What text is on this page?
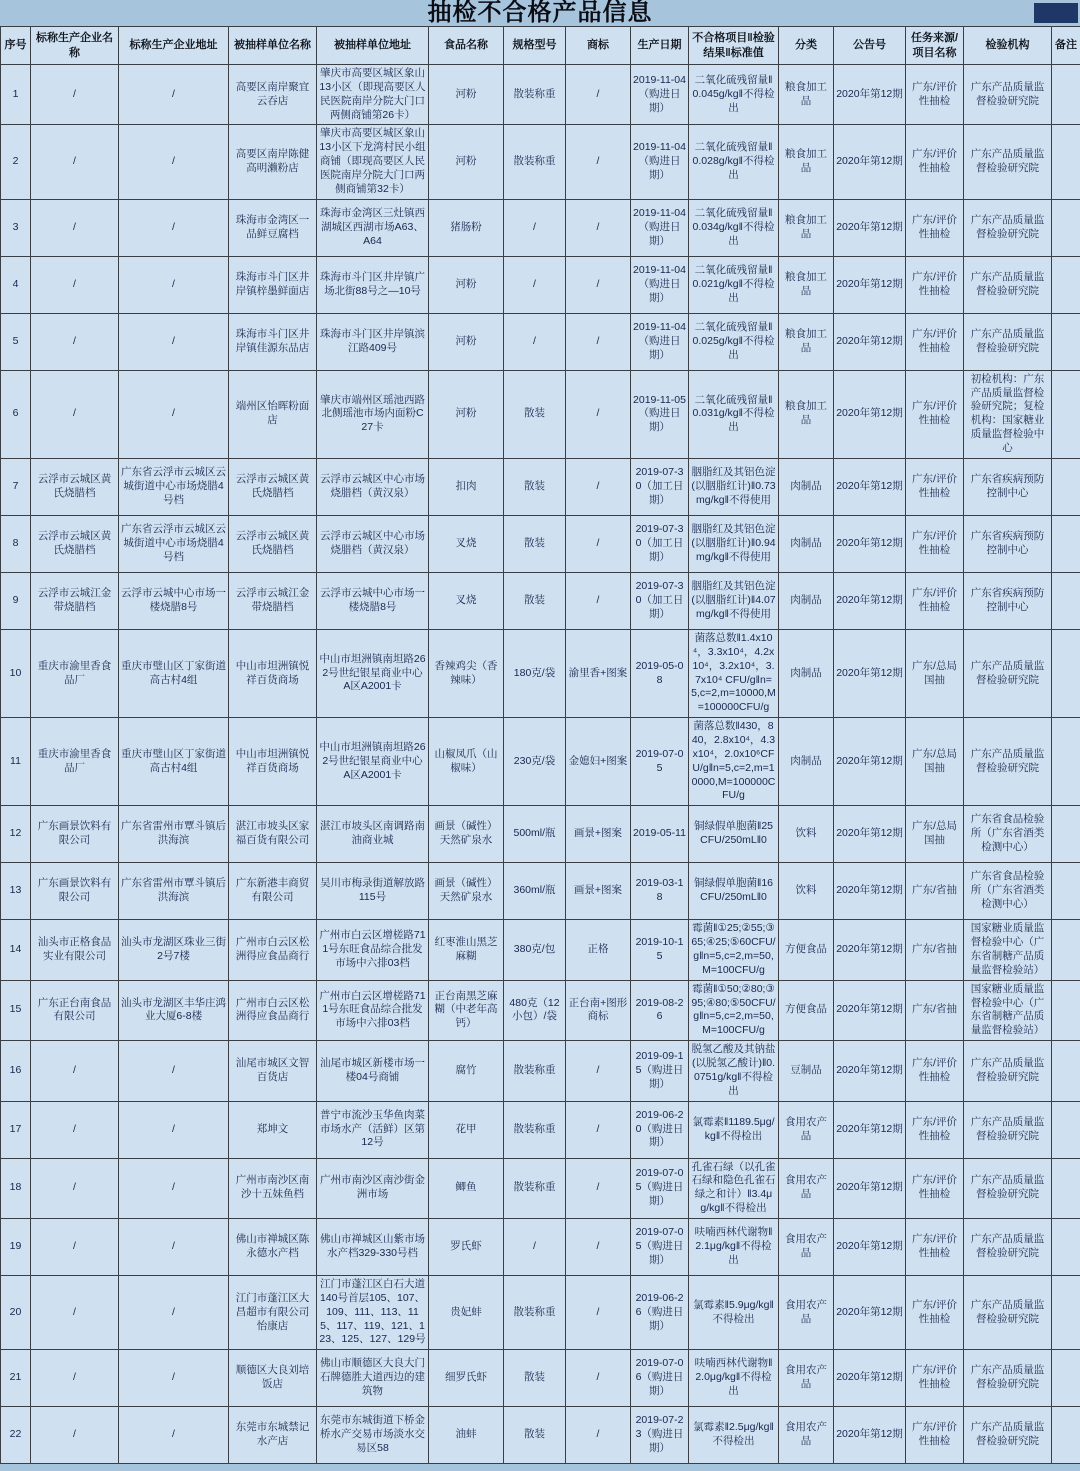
抽检不合格产品信息
序号	标称生产企业名称	标称生产企业地址	被抽样单位名称	被抽样单位地址	食品名称	规格型号	商标	生产日期	不合格项目‖检验结果‖标准值	分类	公告号	任务来源/项目名称	检验机构	备注
1	/	/	高要区南岸聚宜云吞店	肇庆市高要区城区象山13小区（即现高要区人民医院南岸分院大门口两侧商铺第26卡）	河粉	散装称重	/	2019-11-04（购进日期）	二氧化硫残留量‖0.045g/kg‖不得检出	粮食加工品	2020年第12期	广东/评价性抽检	广东产品质量监督检验研究院	
2	/	/	高要区南岸陈健高明濑粉店	肇庆市高要区城区象山13小区下龙湾村民小组商铺（即现高要区人民医院南岸分院大门口两侧商铺第32卡）	河粉	散装称重	/	2019-11-04（购进日期）	二氧化硫残留量‖0.028g/kg‖不得检出	粮食加工品	2020年第12期	广东/评价性抽检	广东产品质量监督检验研究院	
3	/	/	珠海市金湾区一品鲜豆腐档	珠海市金湾区三灶镇西湖城区西湖市场A63、A64	猪肠粉	/	/	2019-11-04（购进日期）	二氧化硫残留量‖0.034g/kg‖不得检出	粮食加工品	2020年第12期	广东/评价性抽检	广东产品质量监督检验研究院	
4	/	/	珠海市斗门区井岸镇梓墨鲜面店	珠海市斗门区井岸镇广场北街88号之—10号	河粉	/	/	2019-11-04（购进日期）	二氧化硫残留量‖0.021g/kg‖不得检出	粮食加工品	2020年第12期	广东/评价性抽检	广东产品质量监督检验研究院	
5	/	/	珠海市斗门区井岸镇佳源东品店	珠海市斗门区井岸镇滨江路409号	河粉	/	/	2019-11-04（购进日期）	二氧化硫残留量‖0.025g/kg‖不得检出	粮食加工品	2020年第12期	广东/评价性抽检	广东产品质量监督检验研究院	
6	/	/	端州区怡晖粉面店	肇庆市端州区瑶池西路北侧瑶池市场内面粉C27卡	河粉	散装	/	2019-11-05（购进日期）	二氧化硫残留量‖0.031g/kg‖不得检出	粮食加工品	2020年第12期	广东/评价性抽检	初检机构：广东产品质量监督检验研究院；复检机构：国家糖业质量监督检验中心	
7	云浮市云城区黄氏烧腊档	广东省云浮市云城区云城街道中心市场烧腊4号档	云浮市云城区黄氏烧腊档	云浮市云城区中心市场烧腊档（黄汉泉）	扣肉	散装	/	2019-07-30（加工日期）	胭脂红及其铝色淀(以胭脂红计)‖0.73mg/kg‖不得使用	肉制品	2020年第12期	广东/评价性抽检	广东省疾病预防控制中心	
8	云浮市云城区黄氏烧腊档	广东省云浮市云城区云城街道中心市场烧腊4号档	云浮市云城区黄氏烧腊档	云浮市云城区中心市场烧腊档（黄汉泉）	叉烧	散装	/	2019-07-30（加工日期）	胭脂红及其铝色淀(以胭脂红计)‖0.94mg/kg‖不得使用	肉制品	2020年第12期	广东/评价性抽检	广东省疾病预防控制中心	
9	云浮市云城江金带烧腊档	云浮市云城中心市场一楼烧腊8号	云浮市云城江金带烧腊档	云浮市云城中心市场一楼烧腊8号	叉烧	散装	/	2019-07-30（加工日期）	胭脂红及其铝色淀(以胭脂红计)‖4.07mg/kg‖不得使用	肉制品	2020年第12期	广东/评价性抽检	广东省疾病预防控制中心	
10	重庆市渝里香食品厂	重庆市璧山区丁家街道高古村4组	中山市坦洲镇悦祥百货商场	中山市坦洲镇南坦路262号世纪银星商业中心A区A2001卡	香辣鸡尖（香辣味）	180克/袋	渝里香+图案	2019-05-08	菌落总数‖1.4x10⁴，3.3x10⁴，4.2x10⁴，3.2x10⁴，3.7x10⁴ CFU/g‖n=5,c=2,m=10000,M=100000CFU/g	肉制品	2020年第12期	广东/总局国抽	广东产品质量监督检验研究院	
11	重庆市渝里香食品厂	重庆市璧山区丁家街道高古村4组	中山市坦洲镇悦祥百货商场	中山市坦洲镇南坦路262号世纪银星商业中心A区A2001卡	山椒凤爪（山椒味）	230克/袋	金媳妇+图案	2019-07-05	菌落总数‖430，840，2.8x10⁴，4.3x10⁴，2.0x10⁶CFU/g‖n=5,c=2,m=10000,M=100000CFU/g	肉制品	2020年第12期	广东/总局国抽	广东产品质量监督检验研究院	
12	广东画景饮料有限公司	广东省雷州市覃斗镇后洪海滨	湛江市坡头区家福百货有限公司	湛江市坡头区南调路南油商业城	画景（碱性）天然矿泉水	500ml/瓶	画景+图案	2019-05-11	铜绿假单胞菌‖25CFU/250mL‖0	饮料	2020年第12期	广东/总局国抽	广东省食品检验所（广东省酒类检测中心）	
13	广东画景饮料有限公司	广东省雷州市覃斗镇后洪海滨	广东新港丰商贸有限公司	吴川市梅录街道解放路115号	画景（碱性）天然矿泉水	360ml/瓶	画景+图案	2019-03-18	铜绿假单胞菌‖16CFU/250mL‖0	饮料	2020年第12期	广东/省抽	广东省食品检验所（广东省酒类检测中心）	
14	汕头市正格食品实业有限公司	汕头市龙湖区珠业三街2号7楼	广州市白云区松洲得应食品商行	广州市白云区增槎路711号东旺食品综合批发市场中六排03档	红枣淮山黑芝麻糊	380克/包	正格	2019-10-15	霉菌‖①25;②55;③65;④25;⑤60CFU/g‖n=5,c=2,m=50,M=100CFU/g	方便食品	2020年第12期	广东/省抽	国家糖业质量监督检验中心（广东省制糖产品质量监督检验站）	
15	广东正台南食品有限公司	汕头市龙湖区丰华庄鸿业大厦6-8楼	广州市白云区松洲得应食品商行	广州市白云区增槎路711号东旺食品综合批发市场中六排03档	正台南黑芝麻糊（中老年高钙）	480克（12小包）/袋	正台南+图形商标	2019-08-26	霉菌‖①50;②80;③95;④80;⑤50CFU/g‖n=5,c=2,m=50,M=100CFU/g	方便食品	2020年第12期	广东/省抽	国家糖业质量监督检验中心（广东省制糖产品质量监督检验站）	
16	/	/	汕尾市城区文智百货店	汕尾市城区新楼市场一楼04号商铺	腐竹	散装称重	/	2019-09-15（购进日期）	脱氢乙酸及其钠盐(以脱氢乙酸计)‖0.0751g/kg‖不得检出	豆制品	2020年第12期	广东/评价性抽检	广东产品质量监督检验研究院	
17	/	/	郑坤文	普宁市流沙玉华鱼肉菜市场水产（活鲜）区第12号	花甲	散装称重	/	2019-06-20（购进日期）	氯霉素‖1189.5μg/kg‖不得检出	食用农产品	2020年第12期	广东/评价性抽检	广东产品质量监督检验研究院	
18	/	/	广州市南沙区南沙十五妹鱼档	广州市南沙区南沙街金洲市场	鲫鱼	散装称重	/	2019-07-05（购进日期）	孔雀石绿（以孔雀石绿和隐色孔雀石绿之和计）‖3.4μg/kg‖不得检出	食用农产品	2020年第12期	广东/评价性抽检	广东产品质量监督检验研究院	
19	/	/	佛山市禅城区陈永德水产档	佛山市禅城区山紫市场水产档329-330号档	罗氏虾	/	/	2019-07-05（购进日期）	呋喃西林代谢物‖2.1μg/kg‖不得检出	食用农产品	2020年第12期	广东/评价性抽检	广东产品质量监督检验研究院	
20	/	/	江门市蓬江区大昌超市有限公司怡康店	江门市蓬江区白石大道140号首层105、107、109、111、113、115、117、119、121、123、125、127、129号	贵妃蚌	散装称重	/	2019-06-26（购进日期）	氯霉素‖5.9μg/kg‖不得检出	食用农产品	2020年第12期	广东/评价性抽检	广东产品质量监督检验研究院	
21	/	/	顺德区大良刘培饭店	佛山市顺德区大良大门石牌德胜大道西边的建筑物	细罗氏虾	散装	/	2019-07-06（购进日期）	呋喃西林代谢物‖2.0μg/kg‖不得检出	食用农产品	2020年第12期	广东/评价性抽检	广东产品质量监督检验研究院	
22	/	/	东莞市东城禁记水产店	东莞市东城街道下桥金桥水产交易市场淡水交易区58	油蚌	散装	/	2019-07-23（购进日期）	氯霉素‖2.5μg/kg‖不得检出	食用农产品	2020年第12期	广东/评价性抽检	广东产品质量监督检验研究院	
